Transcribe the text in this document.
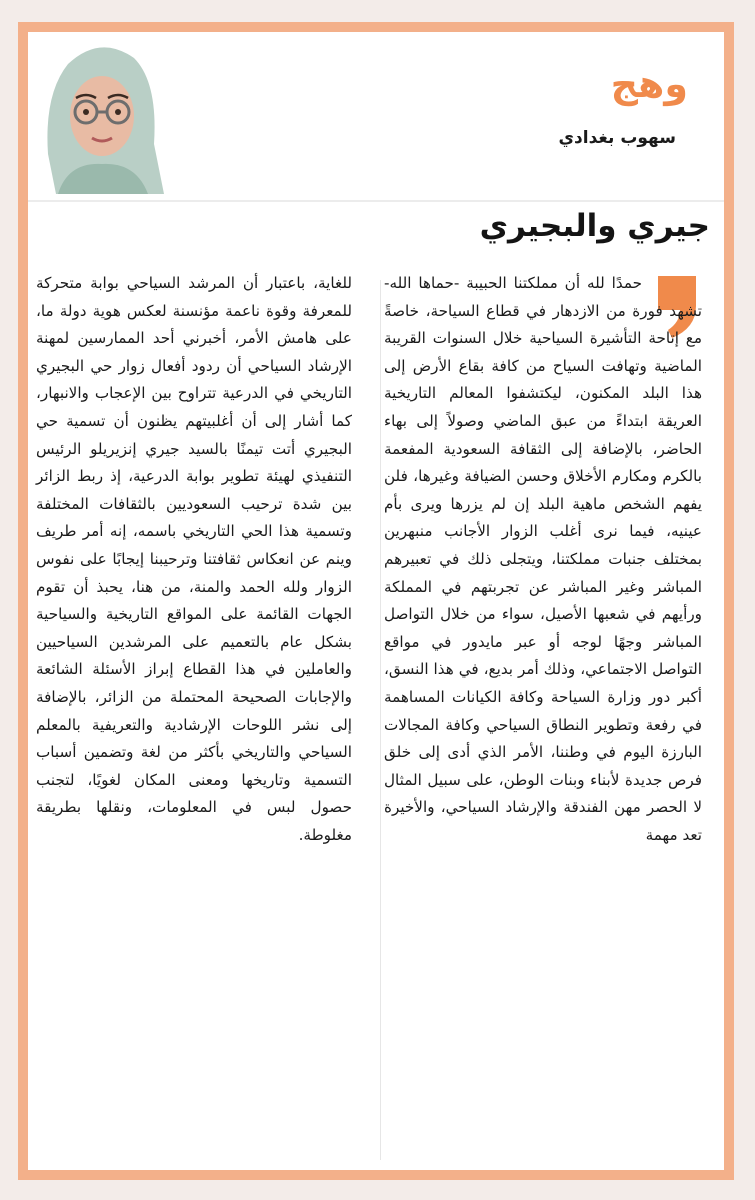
وهج
سهوب بغدادي
جيري والبجيري
حمدًا لله أن مملكتنا الحبيبة -حماها الله- تشهد فورة من الازدهار في قطاع السياحة، خاصةً مع إتاحة التأشيرة السياحية خلال السنوات القريبة الماضية وتهافت السياح من كافة بقاع الأرض إلى هذا البلد المكنون، ليكتشفوا المعالم التاريخية العريقة ابتداءً من عبق الماضي وصولاً إلى بهاء الحاضر، بالإضافة إلى الثقافة السعودية المفعمة بالكرم ومكارم الأخلاق وحسن الضيافة وغيرها، فلن يفهم الشخص ماهية البلد إن لم يزرها ويرى بأم عينيه، فيما نرى أغلب الزوار الأجانب منبهرين بمختلف جنبات مملكتنا، ويتجلى ذلك في تعبيرهم المباشر وغير المباشر عن تجربتهم في المملكة ورأيهم في شعبها الأصيل، سواء من خلال التواصل المباشر وجهًا لوجه أو عبر مايدور في مواقع التواصل الاجتماعي، وذلك أمر بديع، في هذا النسق، أكبر دور وزارة السياحة وكافة الكيانات المساهمة في رفعة وتطوير النطاق السياحي وكافة المجالات البارزة اليوم في وطننا، الأمر الذي أدى إلى خلق فرص جديدة لأبناء وبنات الوطن، على سبيل المثال لا الحصر مهن الفندقة والإرشاد السياحي، والأخيرة تعد مهمة
للغاية، باعتبار أن المرشد السياحي بوابة متحركة للمعرفة وقوة ناعمة مؤنسنة لعكس هوية دولة ما، على هامش الأمر، أخبرني أحد الممارسين لمهنة الإرشاد السياحي أن ردود أفعال زوار حي البجيري التاريخي في الدرعية تتراوح بين الإعجاب والانبهار، كما أشار إلى أن أغلبيتهم يظنون أن تسمية حي البجيري أتت تيمنًا بالسيد جيري إنزيريلو الرئيس التنفيذي لهيئة تطوير بوابة الدرعية، إذ ربط الزائر بين شدة ترحيب السعوديين بالثقافات المختلفة وتسمية هذا الحي التاريخي باسمه، إنه أمر طريف وينم عن انعكاس ثقافتنا وترحيبنا إيجابًا على نفوس الزوار ولله الحمد والمنة، من هنا، يحبذ أن تقوم الجهات القائمة على المواقع التاريخية والسياحية بشكل عام بالتعميم على المرشدين السياحيين والعاملين في هذا القطاع إبراز الأسئلة الشائعة والإجابات الصحيحة المحتملة من الزائر، بالإضافة إلى نشر اللوحات الإرشادية والتعريفية بالمعلم السياحي والتاريخي بأكثر من لغة وتضمين أسباب التسمية وتاريخها ومعنى المكان لغويًا، لتجنب حصول لبس في المعلومات، ونقلها بطريقة مغلوطة.
